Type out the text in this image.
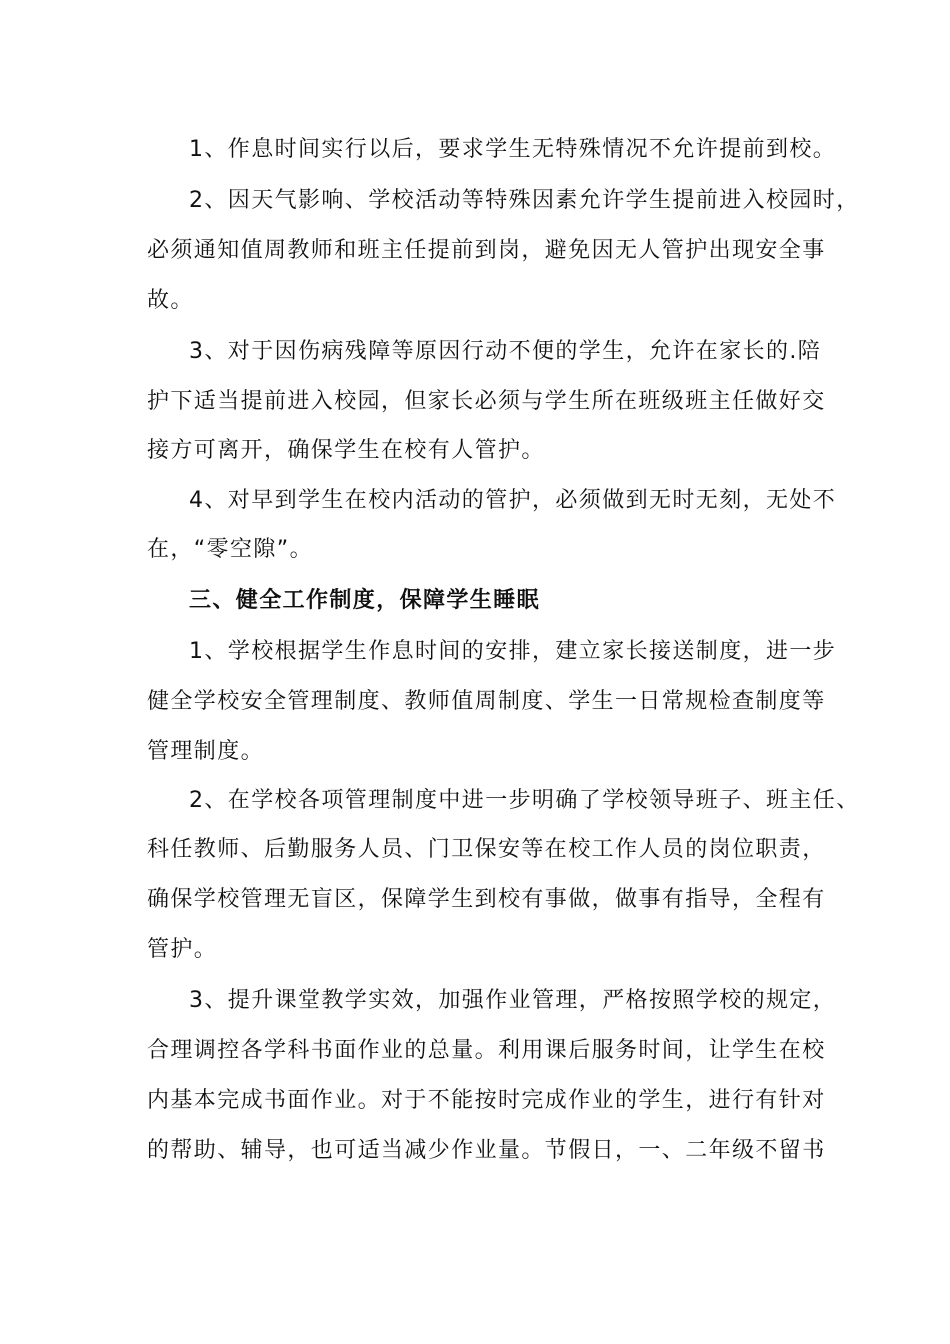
1、作息时间实行以后，要求学生无特殊情况不允许提前到校。
2、因天气影响、学校活动等特殊因素允许学生提前进入校园时，
必须通知值周教师和班主任提前到岗，避免因无人管护出现安全事
故。
3、对于因伤病残障等原因行动不便的学生，允许在家长的.陪
护下适当提前进入校园，但家长必须与学生所在班级班主任做好交
接方可离开，确保学生在校有人管护。
4、对早到学生在校内活动的管护，必须做到无时无刻，无处不
在，“零空隙”。
三、健全工作制度，保障学生睡眠
1、学校根据学生作息时间的安排，建立家长接送制度，进一步
健全学校安全管理制度、教师值周制度、学生一日常规检查制度等
管理制度。
2、在学校各项管理制度中进一步明确了学校领导班子、班主任、
科任教师、后勤服务人员、门卫保安等在校工作人员的岗位职责，
确保学校管理无盲区，保障学生到校有事做，做事有指导，全程有
管护。
3、提升课堂教学实效，加强作业管理，严格按照学校的规定，
合理调控各学科书面作业的总量。利用课后服务时间，让学生在校
内基本完成书面作业。对于不能按时完成作业的学生，进行有针对
的帮助、辅导，也可适当减少作业量。节假日，一、二年级不留书
